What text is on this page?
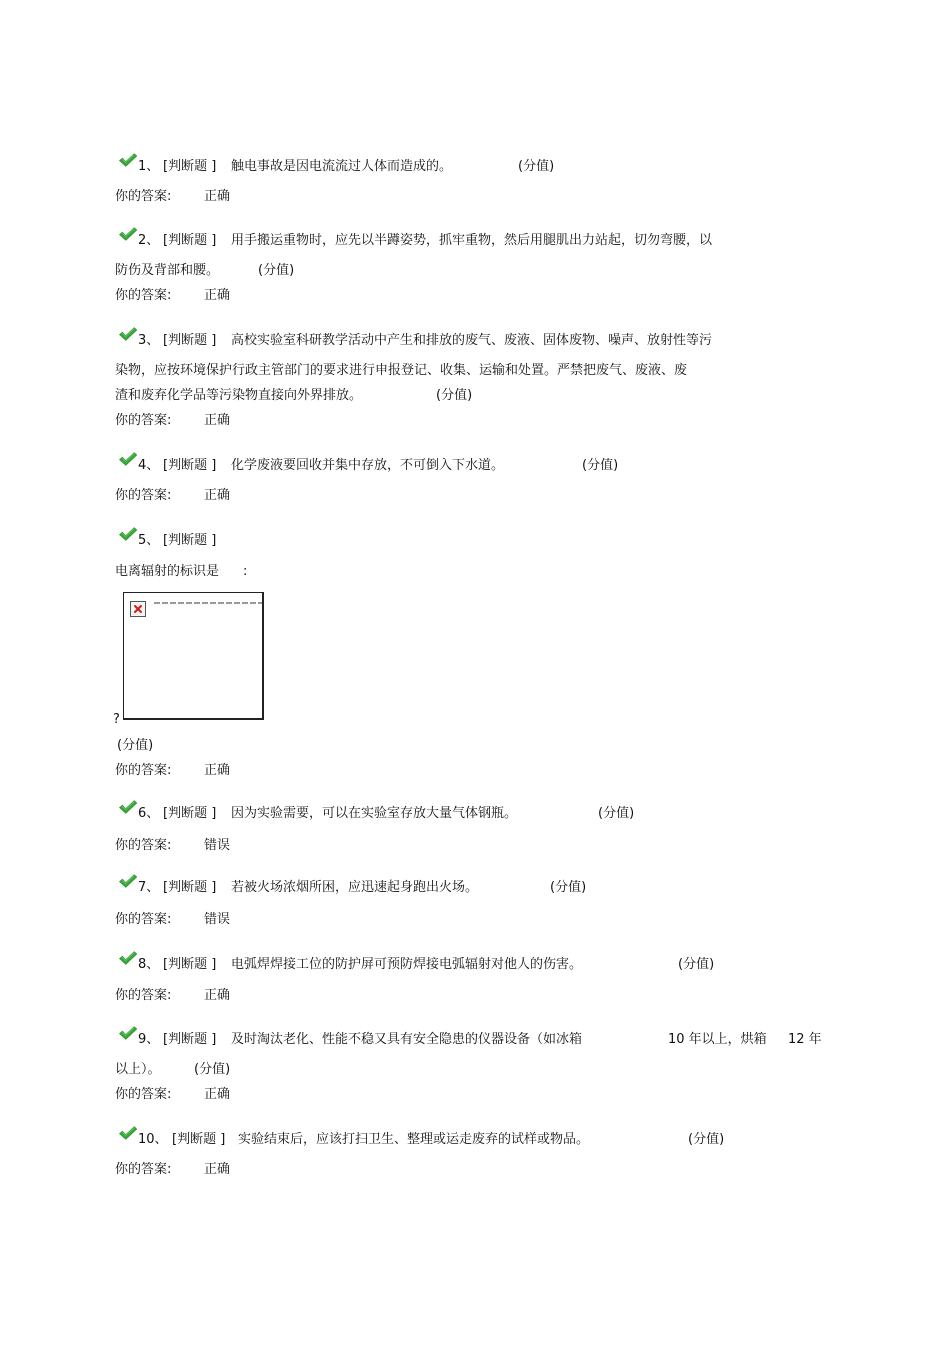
1、 [判断题 ] 触电事故是因电流流过人体而造成的。	(分值)
你的答案:	正确
2、 [判断题 ] 用手搬运重物时，应先以半蹲姿势，抓牢重物，然后用腿肌出力站起，切勿弯腰，以
防伤及背部和腰。	(分值)
你的答案:	正确
3、 [判断题 ] 高校实验室科研教学活动中产生和排放的废气、废液、固体废物、噪声、放射性等污
染物，应按环境保护行政主管部门的要求进行申报登记、收集、运输和处置。严禁把废气、废液、废
渣和废弃化学品等污染物直接向外界排放。	(分值)
你的答案:	正确
4、 [判断题 ] 化学废液要回收并集中存放，不可倒入下水道。	(分值)
你的答案:	正确
5、 [判断题 ]
电离辐射的标识是 :
?
(分值)
你的答案:	正确
6、 [判断题 ] 因为实验需要，可以在实验室存放大量气体钢瓶。	(分值)
你的答案:	错误
7、 [判断题 ] 若被火场浓烟所困，应迅速起身跑出火场。	(分值)
你的答案:	错误
8、 [判断题 ] 电弧焊焊接工位的防护屏可预防焊接电弧辐射对他人的伤害。	(分值)
你的答案:	正确
9、 [判断题 ] 及时淘汰老化、性能不稳又具有安全隐患的仪器设备（如冰箱	10 年以上，烘箱 12 年
以上）。	(分值)
你的答案:	正确
10、 [判断题 ] 实验结束后，应该打扫卫生、整理或运走废弃的试样或物品。	(分值)
你的答案:	正确
